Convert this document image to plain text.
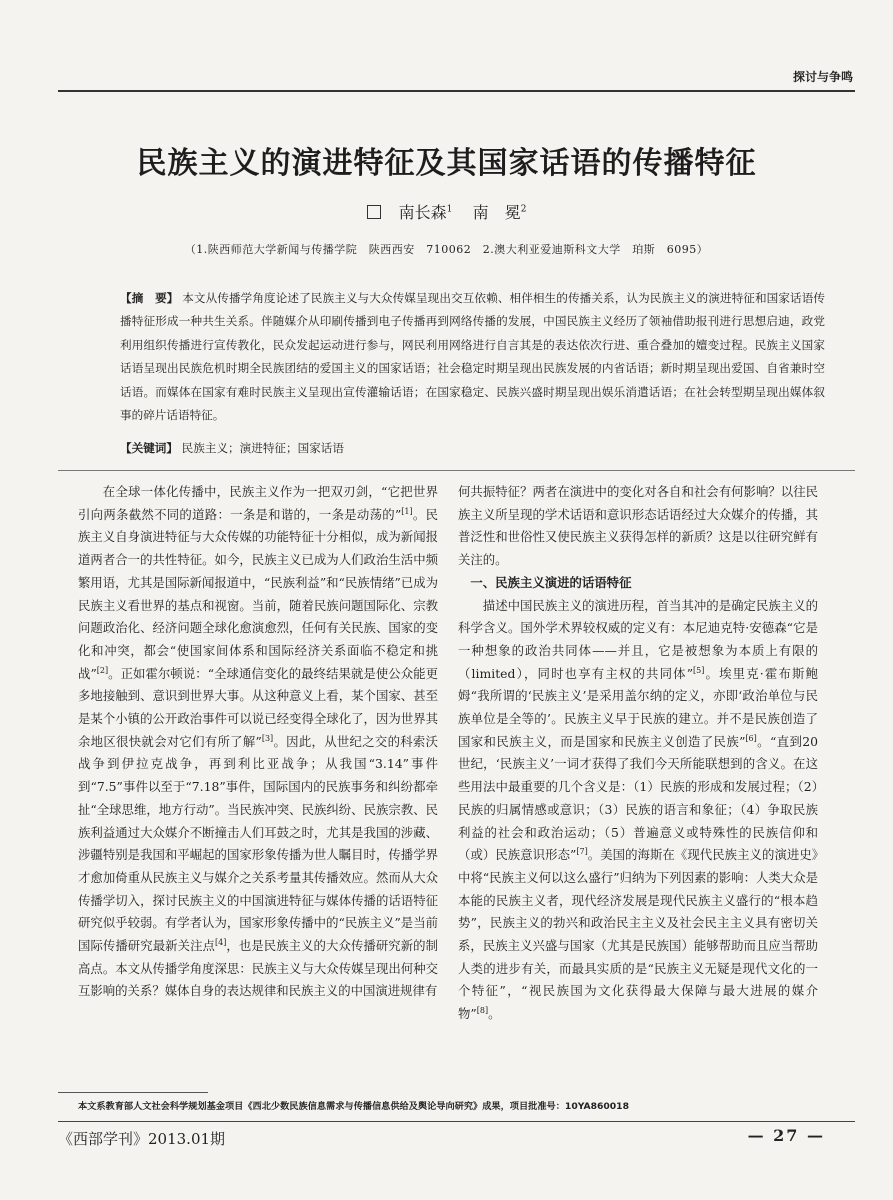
探讨与争鸣
民族主义的演进特征及其国家话语的传播特征
南长森$^1$ 南　冕$^2$
（1.陕西师范大学新闻与传播学院　陕西西安　710062　2.澳大利亚爱迪斯科文大学　珀斯　6095）
【摘　要】 本文从传播学角度论述了民族主义与大众传媒呈现出交互依赖、相伴相生的传播关系，认为民族主义的演进特征和国家话语传播特征形成一种共生关系。伴随媒介从印刷传播到电子传播再到网络传播的发展，中国民族主义经历了领袖借助报刊进行思想启迪，政党利用组织传播进行宣传教化，民众发起运动进行参与，网民利用网络进行自言其是的表达依次行进、重合叠加的嬗变过程。民族主义国家话语呈现出民族危机时期全民族团结的爱国主义的国家话语；社会稳定时期呈现出民族发展的内省话语；新时期呈现出爱国、自省兼时空话语。而媒体在国家有难时民族主义呈现出宣传灌输话语；在国家稳定、民族兴盛时期呈现出娱乐消遣话语；在社会转型期呈现出媒体叙事的碎片话语特征。
【关键词】 民族主义；演进特征；国家话语

在全球一体化传播中，民族主义作为一把双刃剑，“它把世界引向两条截然不同的道路：一条是和谐的，一条是动荡的”[1]。民族主义自身演进特征与大众传媒的功能特征十分相似，成为新闻报道两者合一的共性特征。如今，民族主义已成为人们政治生活中频繁用语，尤其是国际新闻报道中，“民族利益”和“民族情绪”已成为民族主义看世界的基点和视窗。当前，随着民族问题国际化、宗教问题政治化、经济问题全球化愈演愈烈，任何有关民族、国家的变化和冲突，都会“使国家间体系和国际经济关系面临不稳定和挑战”[2]。正如霍尔顿说：“全球通信变化的最终结果就是使公众能更多地接触到、意识到世界大事。从这种意义上看，某个国家、甚至是某个小镇的公开政治事件可以说已经变得全球化了，因为世界其余地区很快就会对它们有所了解”[3]。因此，从世纪之交的科索沃战争到伊拉克战争，再到利比亚战争；从我国“3.14”事件到“7.5”事件以至于“7.18”事件，国际国内的民族事务和纠纷都牵扯“全球思维，地方行动”。当民族冲突、民族纠纷、民族宗教、民族利益通过大众媒介不断撞击人们耳鼓之时，尤其是我国的涉藏、涉疆特别是我国和平崛起的国家形象传播为世人瞩目时，传播学界才愈加倚重从民族主义与媒介之关系考量其传播效应。然而从大众传播学切入，探讨民族主义的中国演进特征与媒体传播的话语特征研究似乎较弱。有学者认为，国家形象传播中的“民族主义”是当前国际传播研究最新关注点[4]，也是民族主义的大众传播研究新的制高点。本文从传播学角度深思：民族主义与大众传媒呈现出何种交互影响的关系？媒体自身的表达规律和民族主义的中国演进规律有

何共振特征？两者在演进中的变化对各自和社会有何影响？以往民族主义所呈现的学术话语和意识形态话语经过大众媒介的传播，其普泛性和世俗性又使民族主义获得怎样的新质？这是以往研究鲜有关注的。

一、民族主义演进的话语特征

描述中国民族主义的演进历程，首当其冲的是确定民族主义的科学含义。国外学术界较权威的定义有：本尼迪克特·安德森“它是一种想象的政治共同体——并且，它是被想象为本质上有限的（limited），同时也享有主权的共同体”[5]。埃里克·霍布斯鲍姆“我所谓的‘民族主义’是采用盖尔纳的定义，亦即‘政治单位与民族单位是全等的’。民族主义早于民族的建立。并不是民族创造了国家和民族主义，而是国家和民族主义创造了民族”[6]。“直到20世纪，‘民族主义’一词才获得了我们今天所能联想到的含义。在这些用法中最重要的几个含义是：（1）民族的形成和发展过程；（2）民族的归属情感或意识；（3）民族的语言和象征；（4）争取民族利益的社会和政治运动；（5）普遍意义或特殊性的民族信仰和（或）民族意识形态”[7]。美国的海斯在《现代民族主义的演进史》中将“民族主义何以这么盛行”归纳为下列因素的影响：人类大众是本能的民族主义者，现代经济发展是现代民族主义盛行的“根本趋势”，民族主义的勃兴和政治民主主义及社会民主主义具有密切关系，民族主义兴盛与国家（尤其是民族国）能够帮助而且应当帮助人类的进步有关，而最具实质的是“民族主义无疑是现代文化的一个特征”，“视民族国为文化获得最大保障与最大进展的媒介物”[8]。

本文系教育部人文社会科学规划基金项目《西北少数民族信息需求与传播信息供给及舆论导向研究》成果，项目批准号：10YA860018
《西部学刊》2013.01期	— 27 —
